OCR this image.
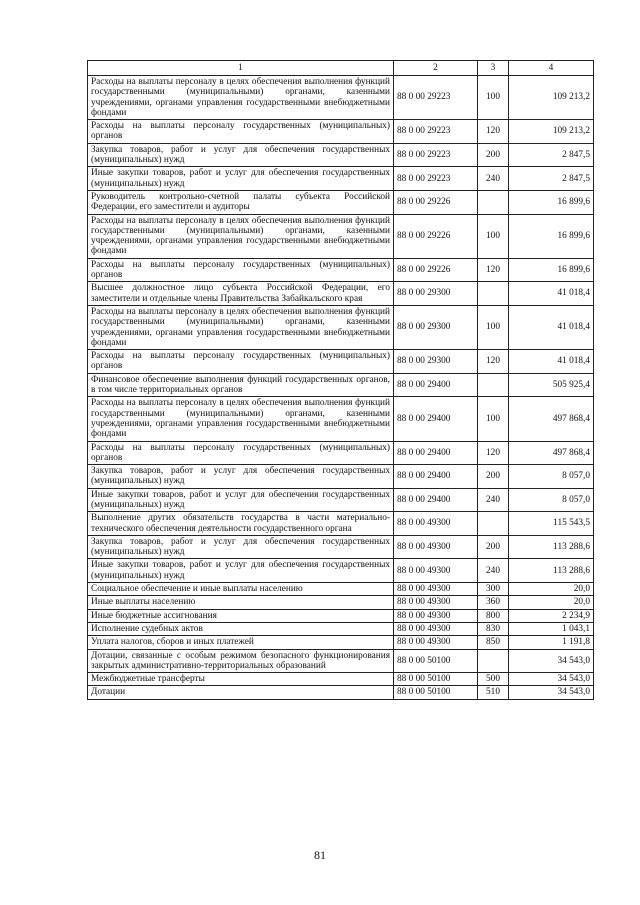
1	2	3	4
Расходы на выплаты персоналу в целях обеспечения выполнения функций государственными (муниципальными) органами, казенными учреждениями, органами управления государственными внебюджетными фондами	88 0 00 29223	100	109 213,2
Расходы на выплаты персоналу государственных (муниципальных) органов	88 0 00 29223	120	109 213,2
Закупка товаров, работ и услуг для обеспечения государственных (муниципальных) нужд	88 0 00 29223	200	2 847,5
Иные закупки товаров, работ и услуг для обеспечения государственных (муниципальных) нужд	88 0 00 29223	240	2 847,5
Руководитель контрольно-счетной палаты субъекта Российской Федерации, его заместители и аудиторы	88 0 00 29226		16 899,6
Расходы на выплаты персоналу в целях обеспечения выполнения функций государственными (муниципальными) органами, казенными учреждениями, органами управления государственными внебюджетными фондами	88 0 00 29226	100	16 899,6
Расходы на выплаты персоналу государственных (муниципальных) органов	88 0 00 29226	120	16 899,6
Высшее должностное лицо субъекта Российской Федерации, его заместители и отдельные члены Правительства Забайкальского края	88 0 00 29300		41 018,4
Расходы на выплаты персоналу в целях обеспечения выполнения функций государственными (муниципальными) органами, казенными учреждениями, органами управления государственными внебюджетными фондами	88 0 00 29300	100	41 018,4
Расходы на выплаты персоналу государственных (муниципальных) органов	88 0 00 29300	120	41 018,4
Финансовое обеспечение выполнения функций государственных органов, в том числе территориальных органов	88 0 00 29400		505 925,4
Расходы на выплаты персоналу в целях обеспечения выполнения функций государственными (муниципальными) органами, казенными учреждениями, органами управления государственными внебюджетными фондами	88 0 00 29400	100	497 868,4
Расходы на выплаты персоналу государственных (муниципальных) органов	88 0 00 29400	120	497 868,4
Закупка товаров, работ и услуг для обеспечения государственных (муниципальных) нужд	88 0 00 29400	200	8 057,0
Иные закупки товаров, работ и услуг для обеспечения государственных (муниципальных) нужд	88 0 00 29400	240	8 057,0
Выполнение других обязательств государства в части материально-технического обеспечения деятельности государственного органа	88 0 00 49300		115 543,5
Закупка товаров, работ и услуг для обеспечения государственных (муниципальных) нужд	88 0 00 49300	200	113 288,6
Иные закупки товаров, работ и услуг для обеспечения государственных (муниципальных) нужд	88 0 00 49300	240	113 288,6
Социальное обеспечение и иные выплаты населению	88 0 00 49300	300	20,0
Иные выплаты населению	88 0 00 49300	360	20,0
Иные бюджетные ассигнования	88 0 00 49300	800	2 234,9
Исполнение судебных актов	88 0 00 49300	830	1 043,1
Уплата налогов, сборов и иных платежей	88 0 00 49300	850	1 191,8
Дотации, связанные с особым режимом безопасного функционирования закрытых административно-территориальных образований	88 0 00 50100		34 543,0
Межбюджетные трансферты	88 0 00 50100	500	34 543,0
Дотации	88 0 00 50100	510	34 543,0
81
